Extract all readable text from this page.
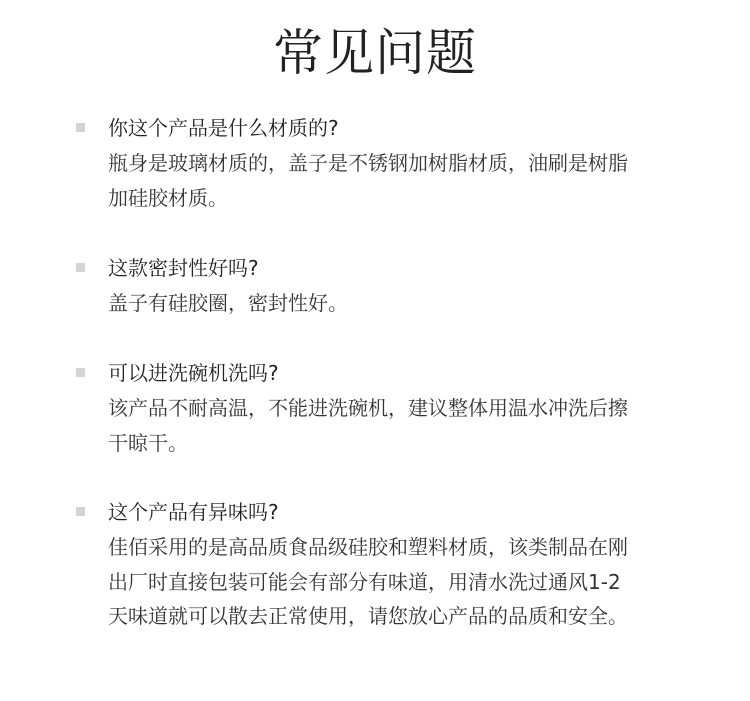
常见问题
你这个产品是什么材质的?
瓶身是玻璃材质的，盖子是不锈钢加树脂材质，油刷是树脂
加硅胶材质。
这款密封性好吗?
盖子有硅胶圈，密封性好。
可以进洗碗机洗吗?
该产品不耐高温，不能进洗碗机，建议整体用温水冲洗后擦
干晾干。
这个产品有异味吗?
佳佰采用的是高品质食品级硅胶和塑料材质，该类制品在刚
出厂时直接包装可能会有部分有味道，用清水洗过通风1-2
天味道就可以散去正常使用，请您放心产品的品质和安全。
